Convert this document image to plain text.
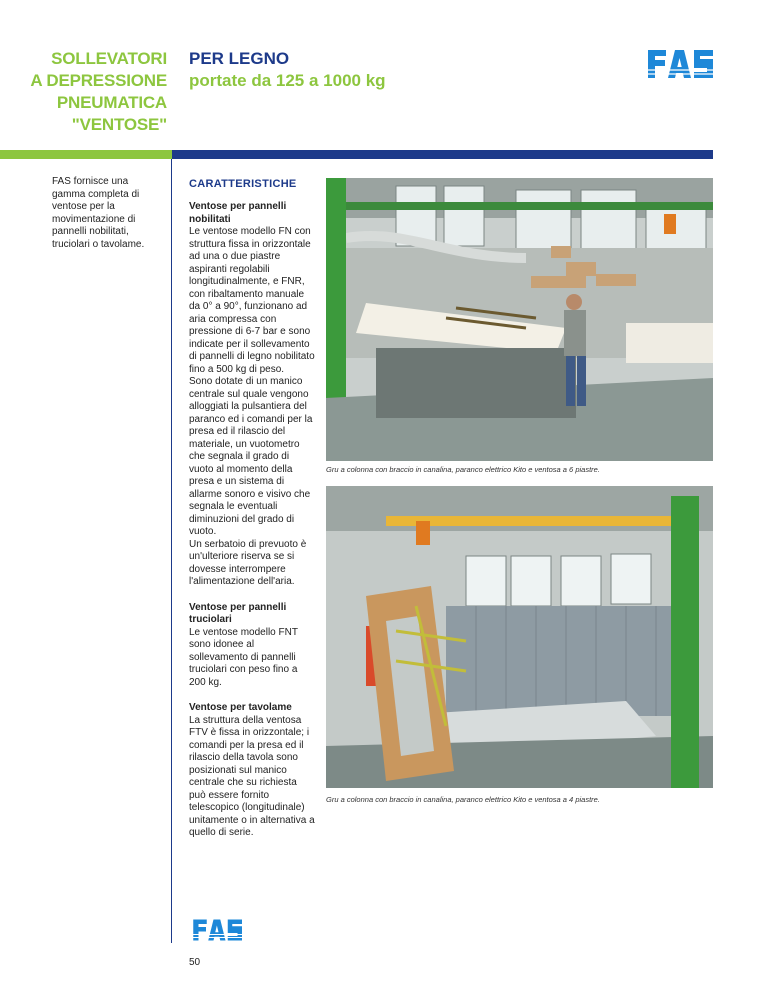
SOLLEVATORI
A DEPRESSIONE
PNEUMATICA
"VENTOSE"
PER LEGNO
portate da 125 a 1000 kg
FAS fornisce una gamma completa di ventose per la movimentazione di pannelli nobilitati, truciolari o tavolame.
CARATTERISTICHE
Ventose per pannelli nobilitati
Le ventose modello FN con struttura fissa in orizzontale ad una o due piastre aspiranti regolabili longitudinalmente, e FNR, con ribaltamento manuale da 0° a 90°, funzionano ad aria compressa con pressione di 6-7 bar e sono indicate per il sollevamento di pannelli di legno nobilitato fino a 500 kg di peso.
Sono dotate di un manico centrale sul quale vengono alloggiati la pulsantiera del paranco ed i comandi per la presa ed il rilascio del materiale, un vuotometro che segnala il grado di vuoto al momento della presa e un sistema di allarme sonoro e visivo che segnala le eventuali diminuzioni del grado di vuoto.
Un serbatoio di prevuoto è un'ulteriore riserva se si dovesse interrompere l'alimentazione dell'aria.
Ventose per pannelli truciolari
Le ventose modello FNT sono idonee al sollevamento di pannelli truciolari con peso fino a 200 kg.
Ventose per tavolame
La struttura della ventosa FTV è fissa in orizzontale; i comandi per la presa ed il rilascio della tavola sono posizionati sul manico centrale che su richiesta può essere fornito telescopico (longitudinale) unitamente o in alternativa a quello di serie.
Gru a colonna con braccio in canalina, paranco elettrico Kito e ventosa a 6 piastre.
Gru a colonna con braccio in canalina, paranco elettrico Kito e ventosa a 4 piastre.
50
